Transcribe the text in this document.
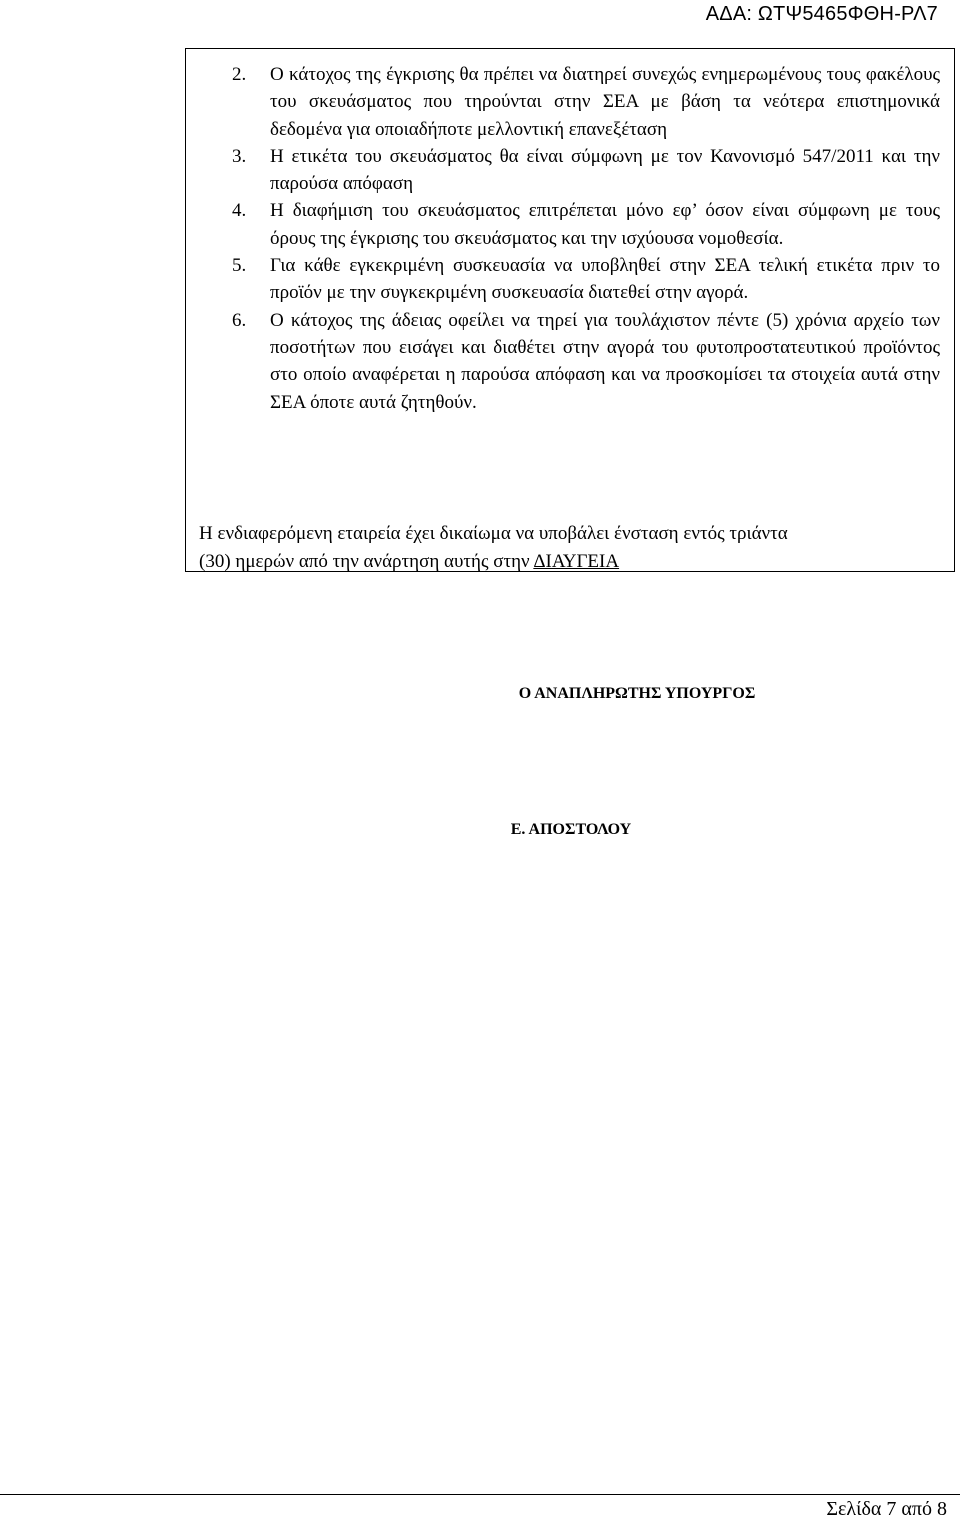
ΑΔΑ: ΩΤΨ5465ΦΘΗ-ΡΛ7
2. Ο κάτοχος της έγκρισης θα πρέπει να διατηρεί συνεχώς ενημερωμένους τους φακέλους του σκευάσματος που τηρούνται στην ΣΕΑ με βάση τα νεότερα επιστημονικά δεδομένα για οποιαδήποτε μελλοντική επανεξέταση
3. Η ετικέτα του σκευάσματος θα είναι σύμφωνη με τον Κανονισμό 547/2011 και την παρούσα απόφαση
4. Η διαφήμιση του σκευάσματος επιτρέπεται μόνο εφ’ όσον είναι σύμφωνη με τους όρους της έγκρισης του σκευάσματος και την ισχύουσα νομοθεσία.
5. Για κάθε εγκεκριμένη συσκευασία να υποβληθεί στην ΣΕΑ τελική ετικέτα πριν το προϊόν με την συγκεκριμένη συσκευασία διατεθεί στην αγορά.
6. Ο κάτοχος της άδειας οφείλει να τηρεί για τουλάχιστον πέντε (5) χρόνια αρχείο των ποσοτήτων που εισάγει και διαθέτει στην αγορά του φυτοπροστατευτικού προϊόντος στο οποίο αναφέρεται η παρούσα απόφαση και να προσκομίσει τα στοιχεία αυτά στην ΣΕΑ όποτε αυτά ζητηθούν.
Η ενδιαφερόμενη εταιρεία έχει δικαίωμα να υποβάλει ένσταση εντός τριάντα
(30) ημερών από την ανάρτηση αυτής στην ΔΙΑΥΓΕΙΑ
Ο ΑΝΑΠΛΗΡΩΤΗΣ ΥΠΟΥΡΓΟΣ
Ε. ΑΠΟΣΤΟΛΟΥ
Σελίδα 7 από 8
